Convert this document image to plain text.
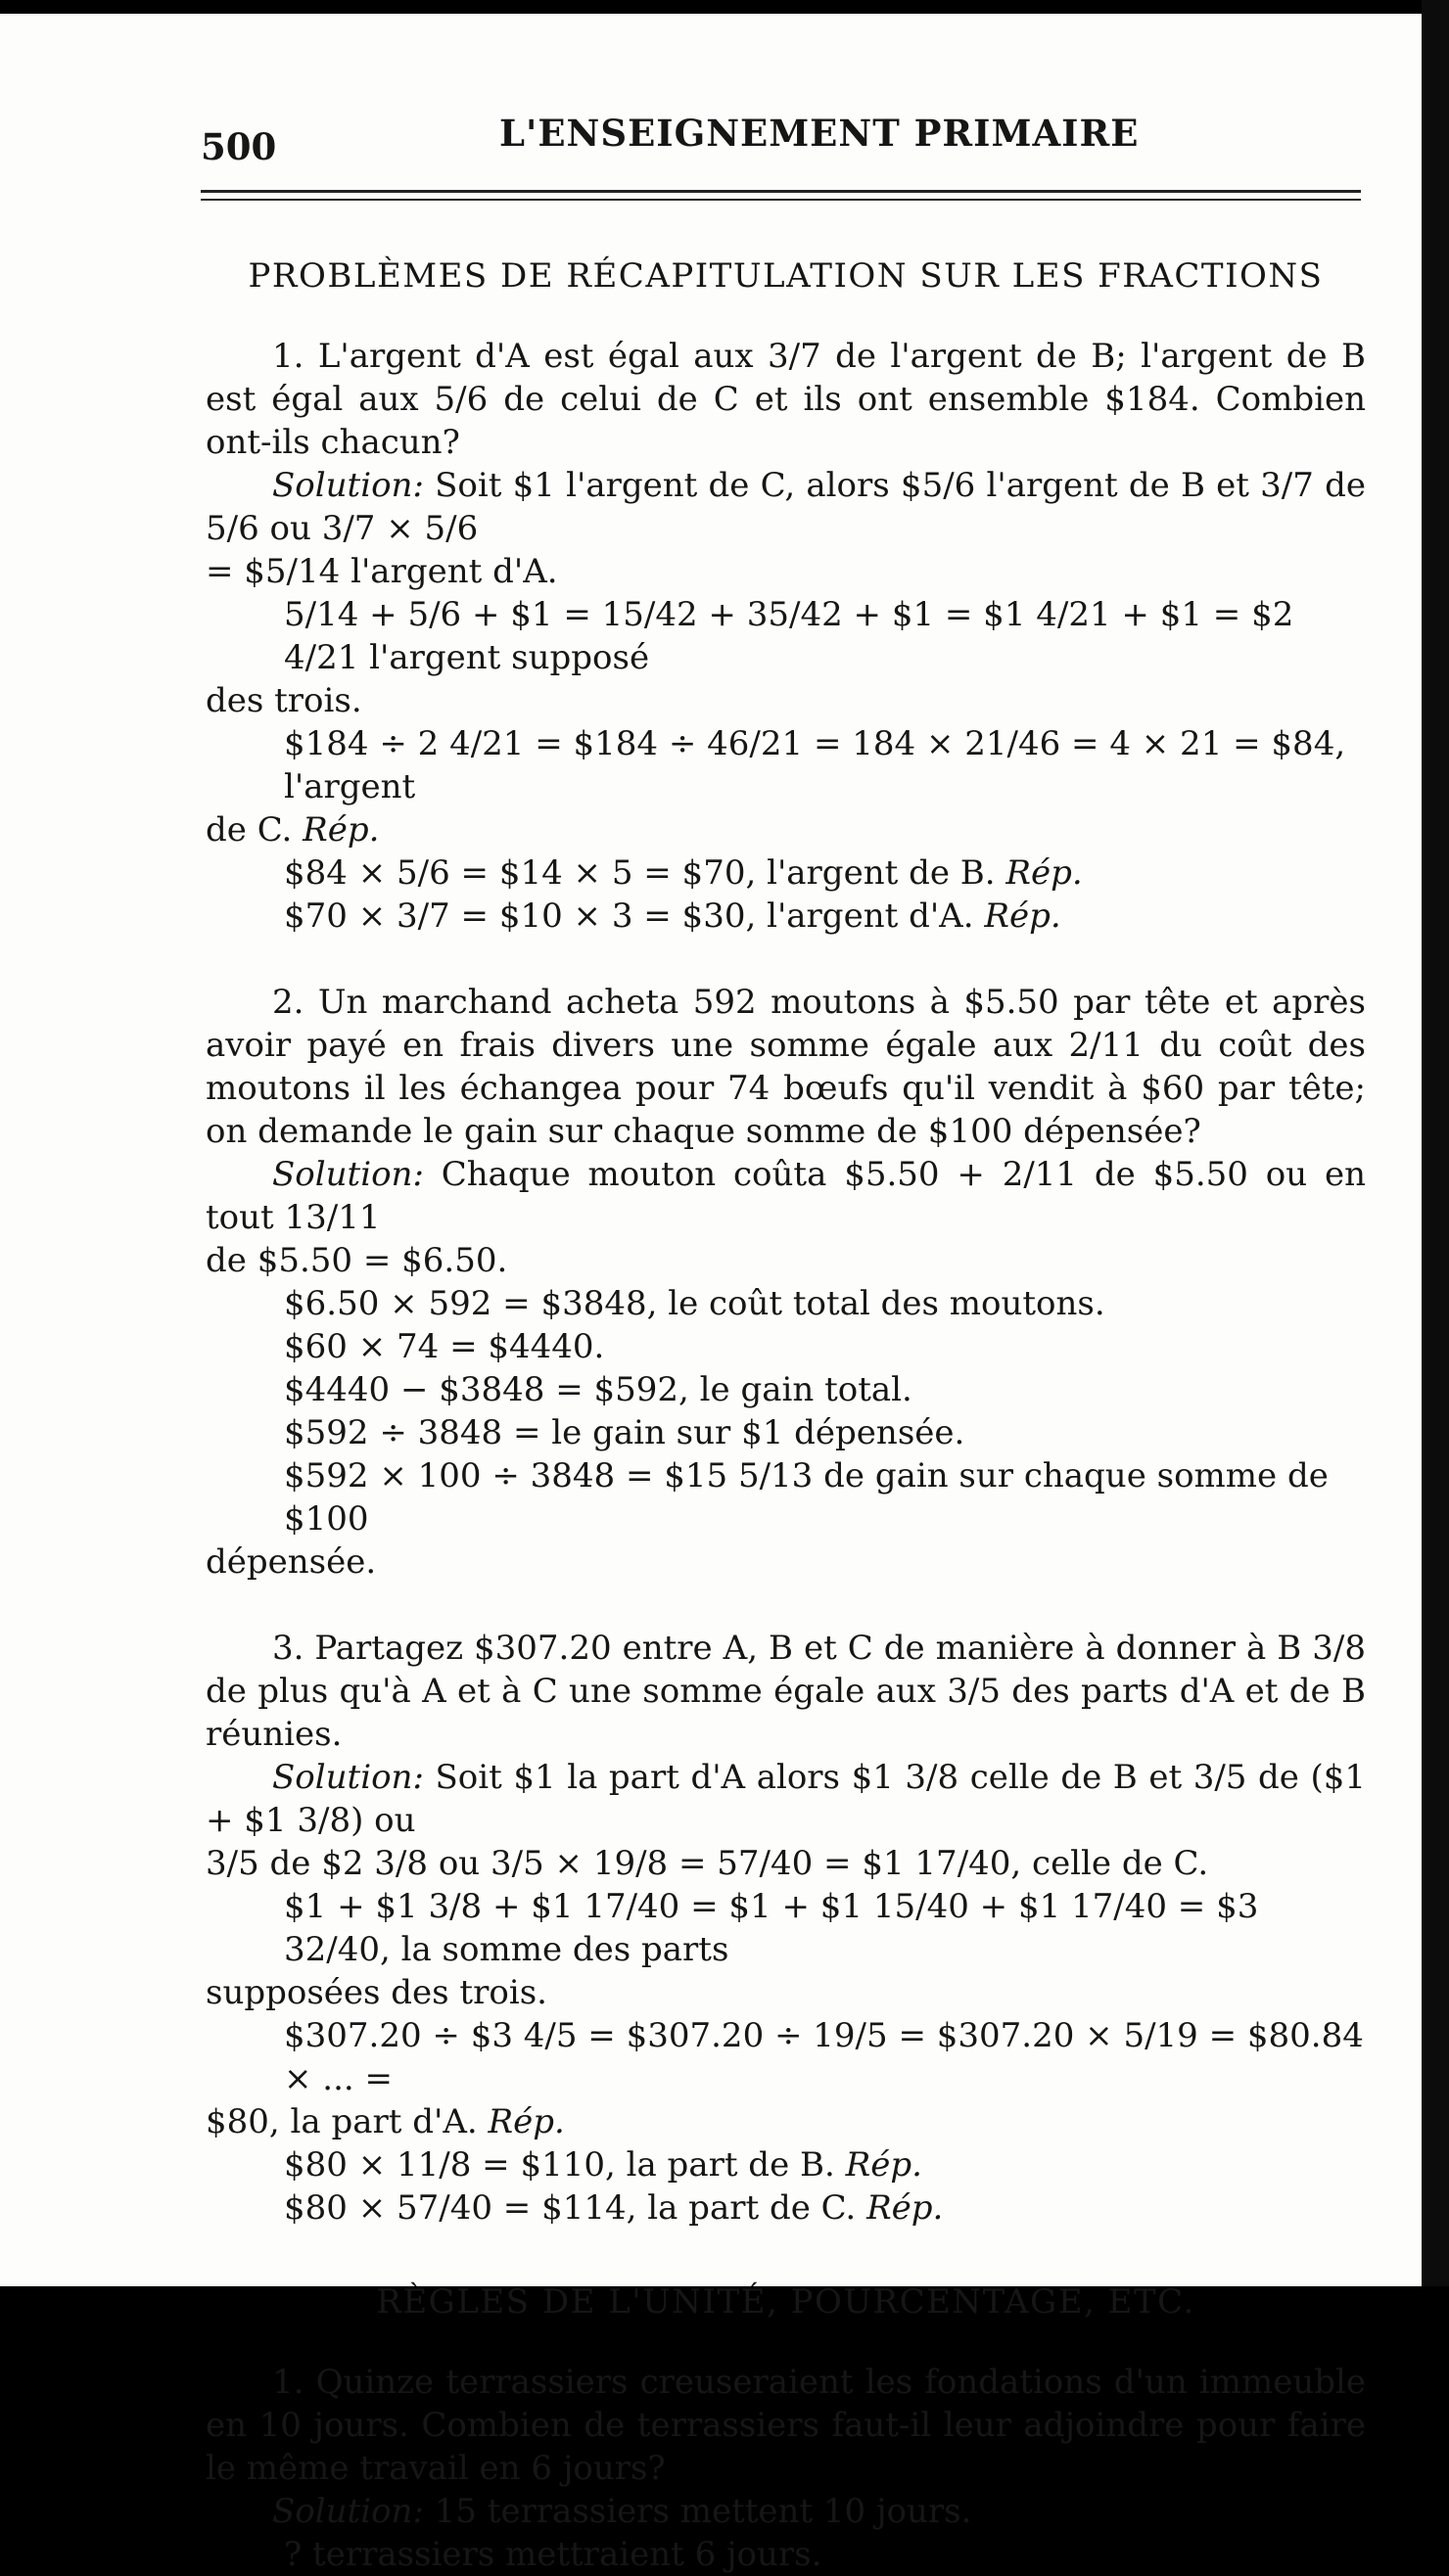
500	L'ENSEIGNEMENT PRIMAIRE
PROBLÈMES DE RÉCAPITULATION SUR LES FRACTIONS

1. L'argent d'A est égal aux 3/7 de l'argent de B; l'argent de B est égal aux 5/6 de celui de C et ils ont ensemble $184. Combien ont-ils chacun?

Solution: Soit $1 l'argent de C, alors $5/6 l'argent de B et 3/7 de 5/6 ou 3/7 × 5/6

= $5/14 l'argent d'A.

5/14 + 5/6 + $1 = 15/42 + 35/42 + $1 = $1 4/21 + $1 = $2 4/21 l'argent supposé

des trois.

$184 ÷ 2 4/21 = $184 ÷ 46/21 = 184 × 21/46 = 4 × 21 = $84, l'argent

de C. Rép.

$84 × 5/6 = $14 × 5 = $70, l'argent de B. Rép.

$70 × 3/7 = $10 × 3 = $30, l'argent d'A. Rép.

2. Un marchand acheta 592 moutons à $5.50 par tête et après avoir payé en frais divers une somme égale aux 2/11 du coût des moutons il les échangea pour 74 bœufs qu'il vendit à $60 par tête; on demande le gain sur chaque somme de $100 dépensée?

Solution: Chaque mouton coûta $5.50 + 2/11 de $5.50 ou en tout 13/11

de $5.50 = $6.50.

$6.50 × 592 = $3848, le coût total des moutons.

$60 × 74 = $4440.

$4440 − $3848 = $592, le gain total.

$592 ÷ 3848 = le gain sur $1 dépensée.

$592 × 100 ÷ 3848 = $15 5/13 de gain sur chaque somme de $100

dépensée.

3. Partagez $307.20 entre A, B et C de manière à donner à B 3/8 de plus qu'à A et à C une somme égale aux 3/5 des parts d'A et de B réunies.

Solution: Soit $1 la part d'A alors $1 3/8 celle de B et 3/5 de ($1 + $1 3/8) ou

3/5 de $2 3/8 ou 3/5 × 19/8 = 57/40 = $1 17/40, celle de C.

$1 + $1 3/8 + $1 17/40 = $1 + $1 15/40 + $1 17/40 = $3 32/40, la somme des parts

supposées des trois.

$307.20 ÷ $3 4/5 = $307.20 ÷ 19/5 = $307.20 × 5/19 = $80.84 × ... =

$80, la part d'A. Rép.

$80 × 11/8 = $110, la part de B. Rép.

$80 × 57/40 = $114, la part de C. Rép.

RÈGLES DE L'UNITÉ, POURCENTAGE, ETC.

1. Quinze terrassiers creuseraient les fondations d'un immeuble en 10 jours. Combien de terrassiers faut-il leur adjoindre pour faire le même travail en 6 jours?

Solution: 15 terrassiers mettent 10 jours.

? terrassiers mettraient 6 jours.
